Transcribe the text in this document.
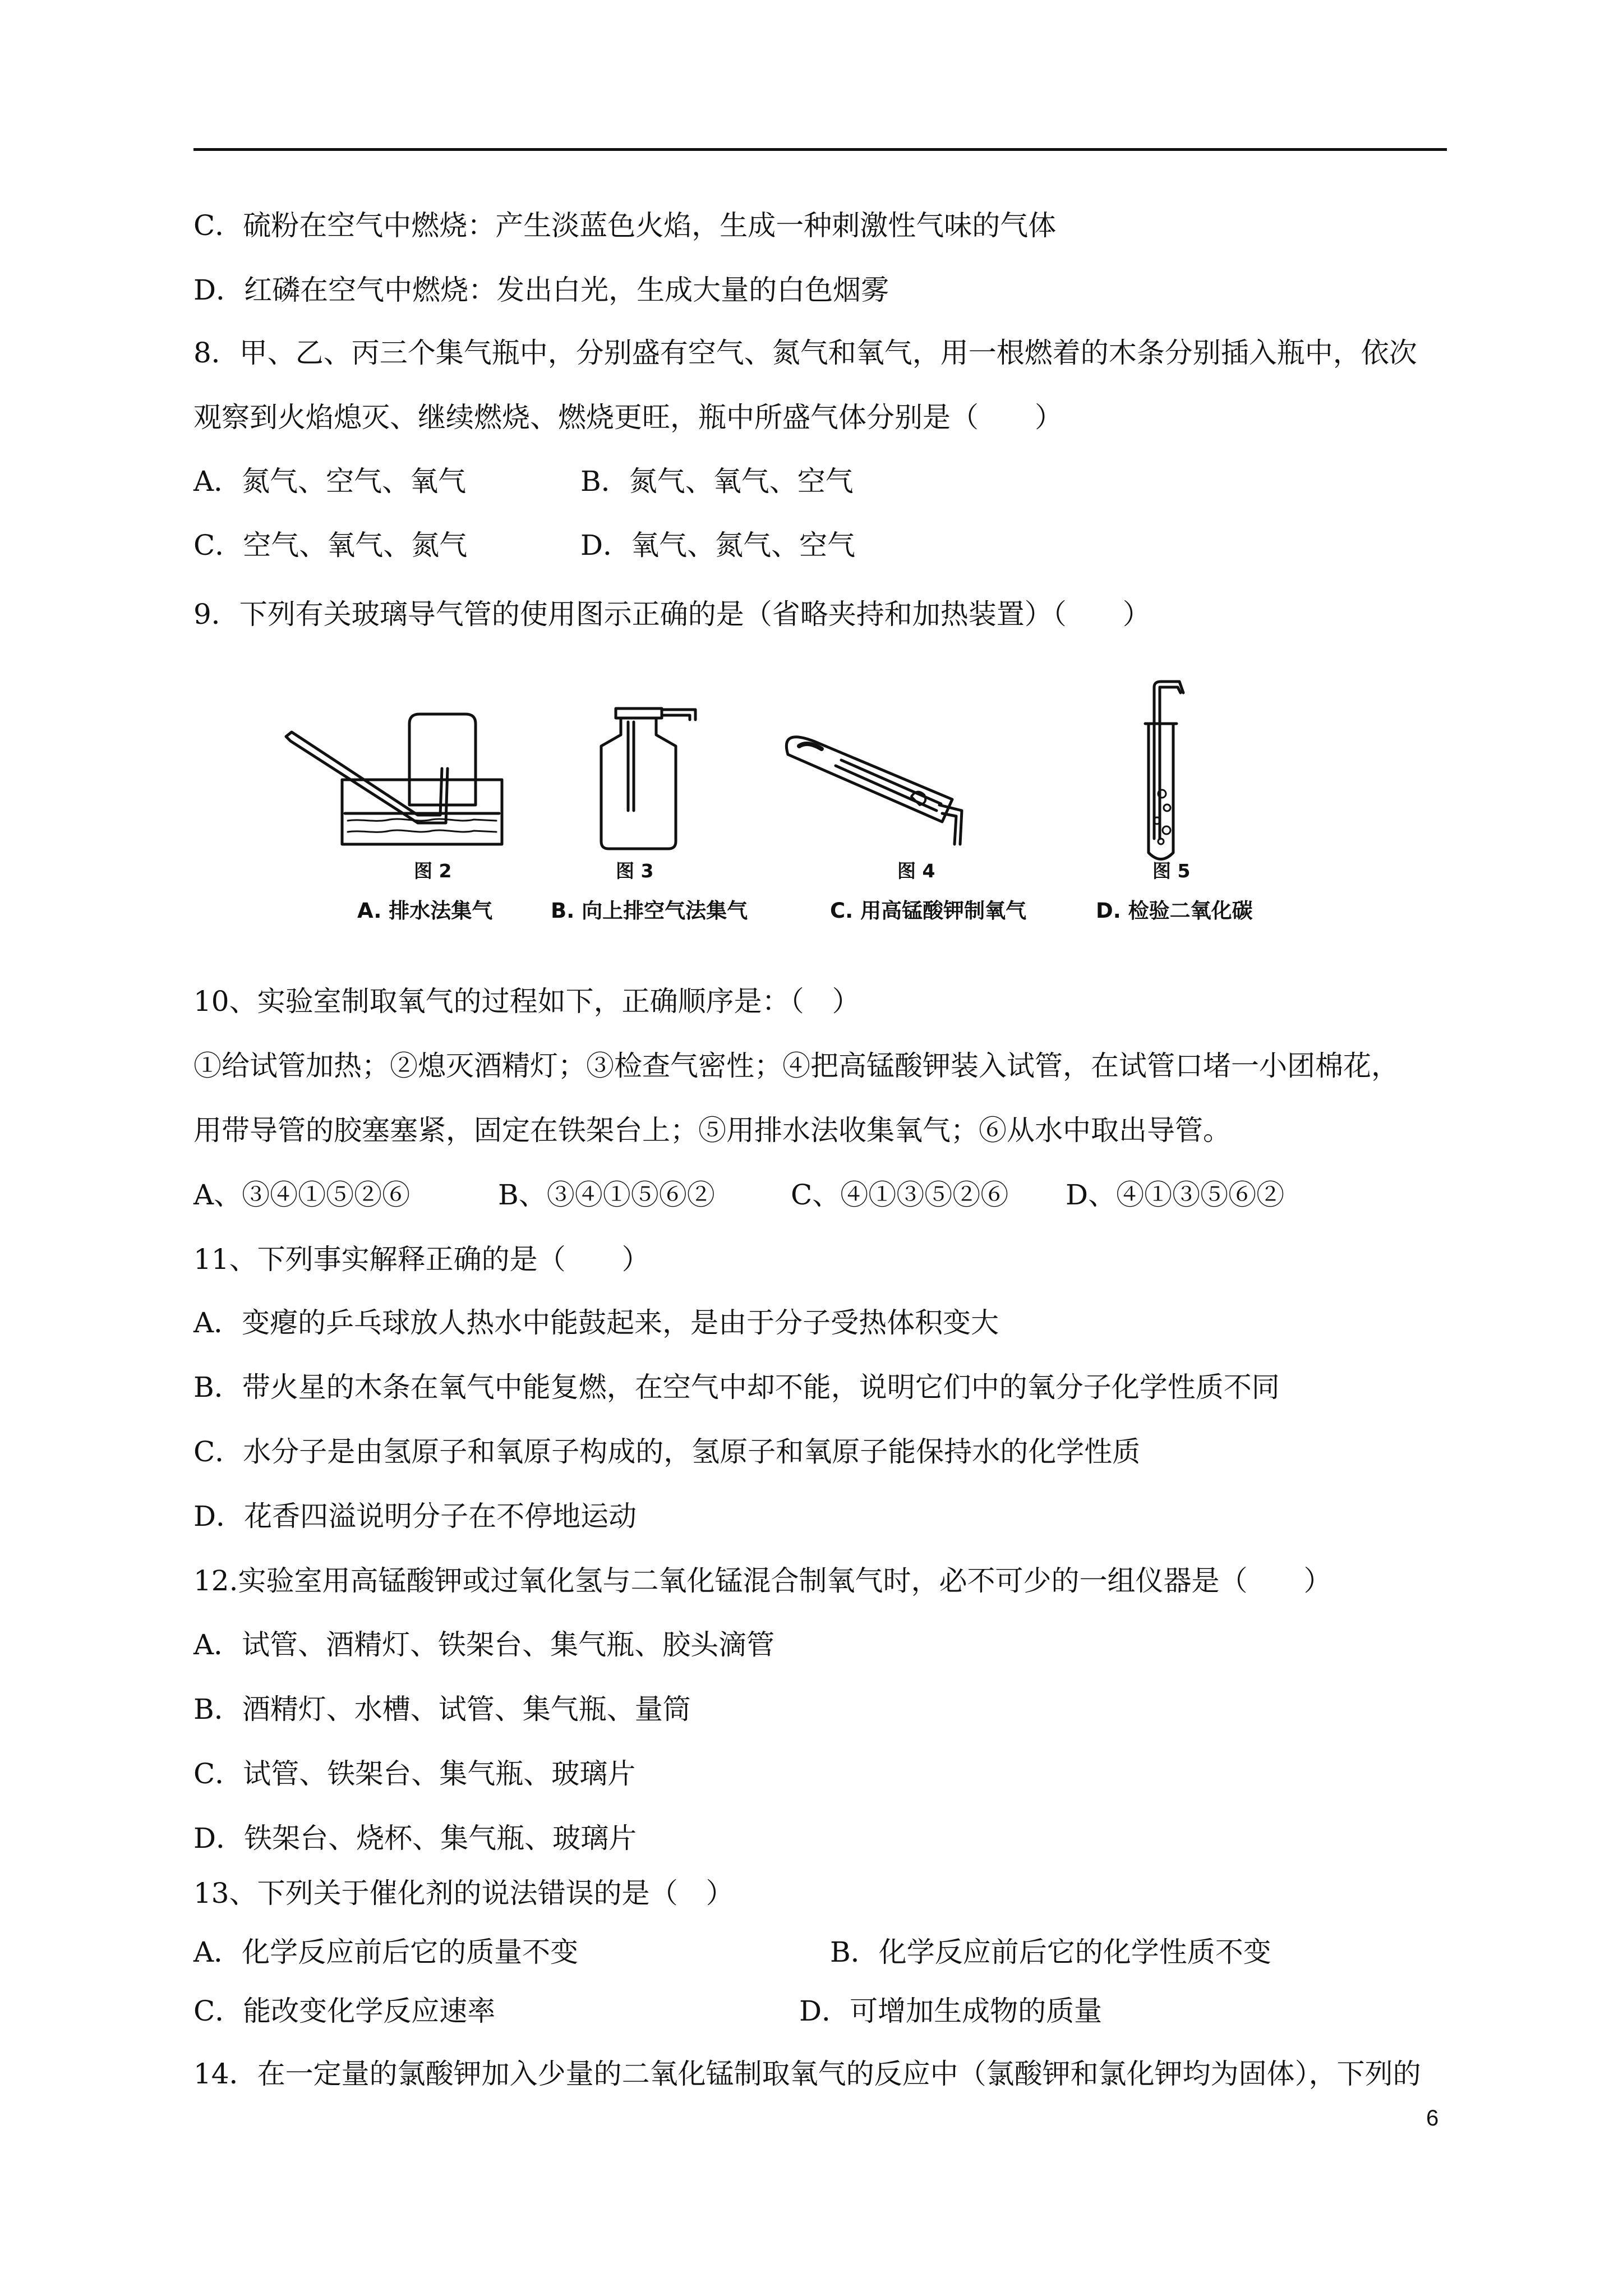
C．硫粉在空气中燃烧：产生淡蓝色火焰，生成一种刺激性气味的气体
D．红磷在空气中燃烧：发出白光，生成大量的白色烟雾
8．甲、乙、丙三个集气瓶中，分别盛有空气、氮气和氧气，用一根燃着的木条分别插入瓶中，依次
观察到火焰熄灭、继续燃烧、燃烧更旺，瓶中所盛气体分别是（　　）
A．氮气、空气、氧气	B．氮气、氧气、空气
C．空气、氧气、氮气	D．氧气、氮气、空气
9．下列有关玻璃导气管的使用图示正确的是（省略夹持和加热装置）（　　）
图 2	图 3	图 4	图 5
A. 排水法集气	B. 向上排空气法集气	C. 用高锰酸钾制氧气	D. 检验二氧化碳
10、实验室制取氧气的过程如下，正确顺序是：（　）
①给试管加热；②熄灭酒精灯；③检查气密性；④把高锰酸钾装入试管，在试管口堵一小团棉花，
用带导管的胶塞塞紧，固定在铁架台上；⑤用排水法收集氧气；⑥从水中取出导管。
A、③④①⑤②⑥	B、③④①⑤⑥②	C、④①③⑤②⑥ D、④①③⑤⑥②
11、下列事实解释正确的是（　　）
A．变瘪的乒乓球放人热水中能鼓起来，是由于分子受热体积变大
B．带火星的木条在氧气中能复燃，在空气中却不能，说明它们中的氧分子化学性质不同
C．水分子是由氢原子和氧原子构成的，氢原子和氧原子能保持水的化学性质
D．花香四溢说明分子在不停地运动
12.实验室用高锰酸钾或过氧化氢与二氧化锰混合制氧气时，必不可少的一组仪器是（　　）
A．试管、酒精灯、铁架台、集气瓶、胶头滴管
B．酒精灯、水槽、试管、集气瓶、量筒
C．试管、铁架台、集气瓶、玻璃片
D．铁架台、烧杯、集气瓶、玻璃片
13、下列关于催化剂的说法错误的是（　）
A．化学反应前后它的质量不变	B．化学反应前后它的化学性质不变
C．能改变化学反应速率	D．可增加生成物的质量
14．在一定量的氯酸钾加入少量的二氧化锰制取氧气的反应中（氯酸钾和氯化钾均为固体），下列的
6
